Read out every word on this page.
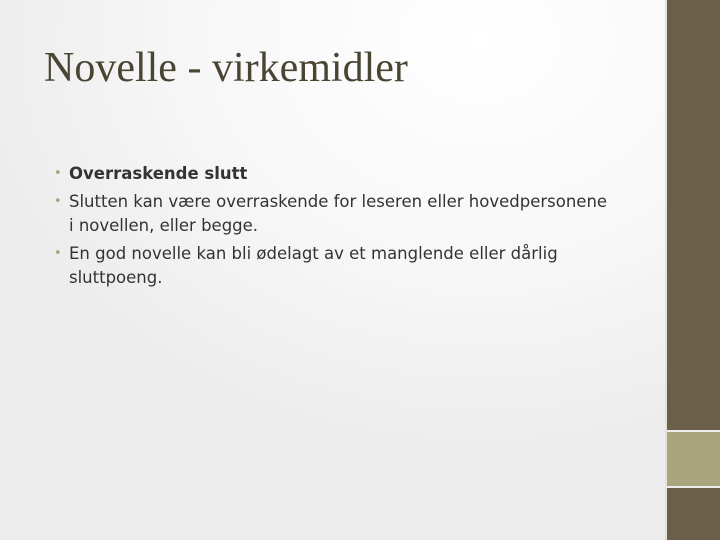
Novelle - virkemidler
• Overraskende slutt
• Slutten kan være overraskende for leseren eller hovedpersonene i novellen, eller begge.
• En god novelle kan bli ødelagt av et manglende eller dårlig sluttpoeng.
